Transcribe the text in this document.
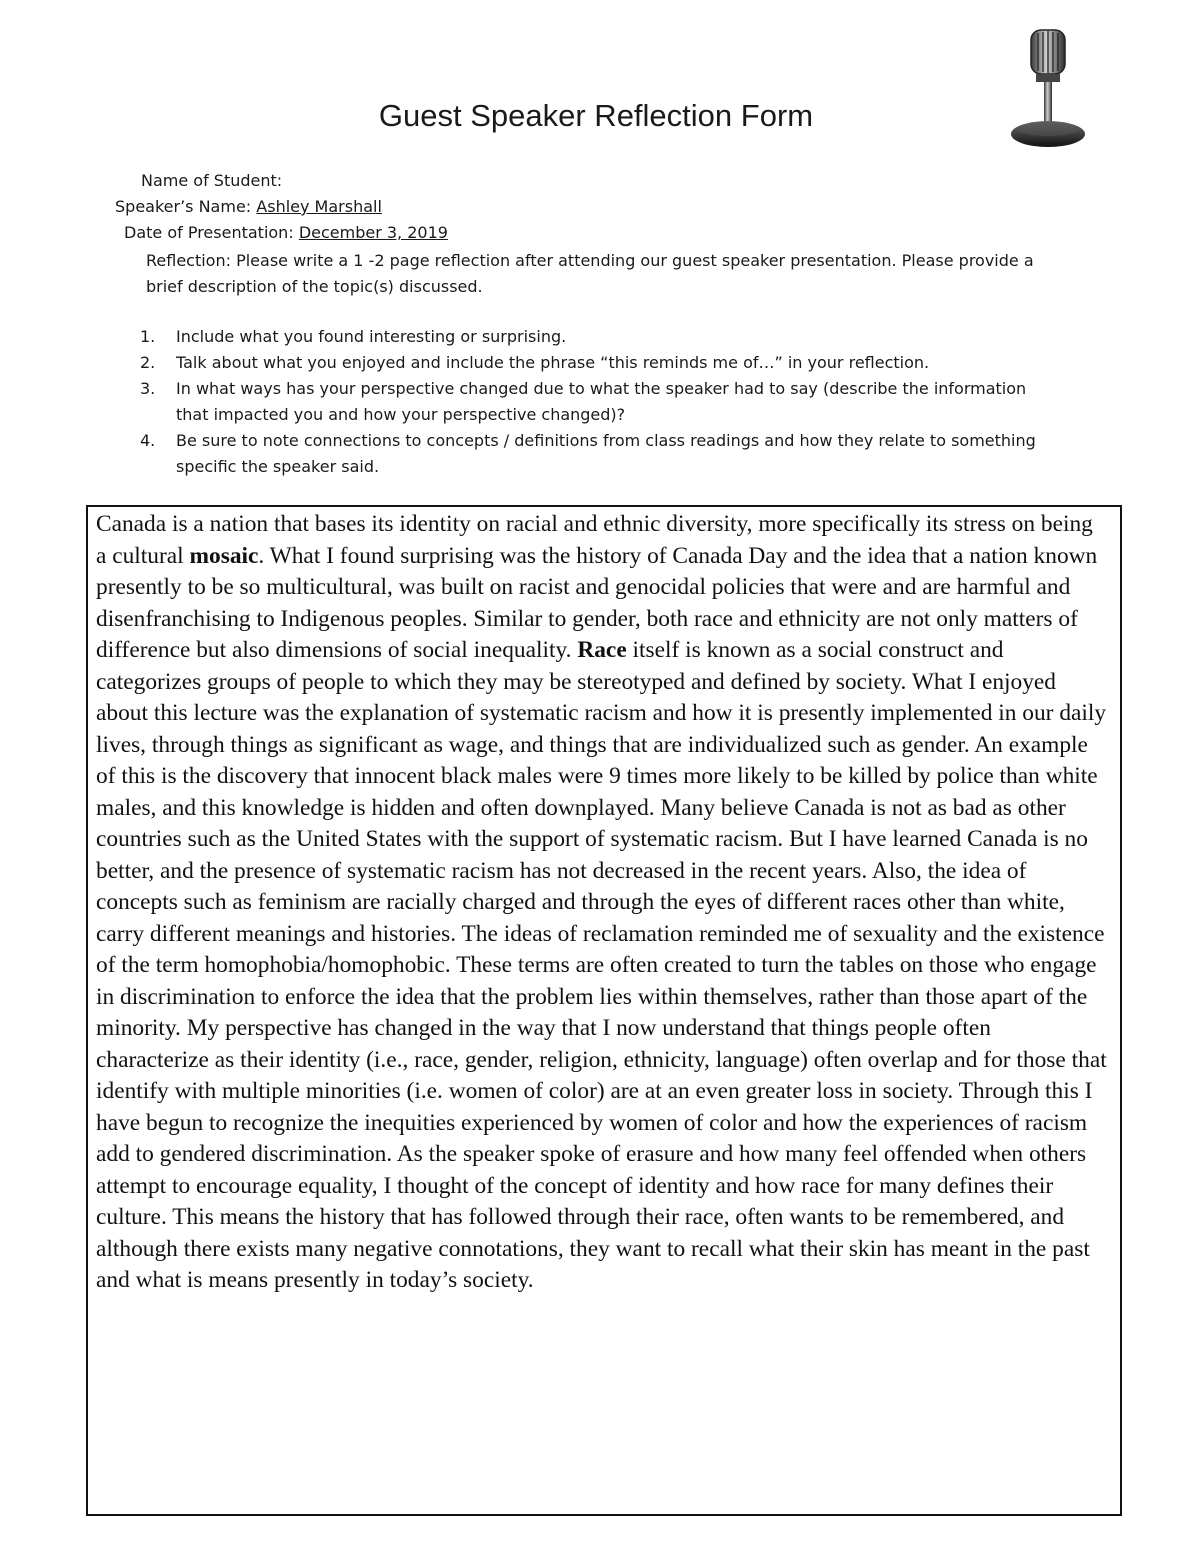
Guest Speaker Reflection Form
Name of Student:
Speaker’s Name: Ashley Marshall
Date of Presentation: December 3, 2019

Reflection: Please write a 1 -2 page reflection after attending our guest speaker presentation. Please provide a brief description of the topic(s) discussed.

1. Include what you found interesting or surprising.
2. Talk about what you enjoyed and include the phrase “this reminds me of…” in your reflection.
3. In what ways has your perspective changed due to what the speaker had to say (describe the information that impacted you and how your perspective changed)?
4. Be sure to note connections to concepts / definitions from class readings and how they relate to something specific the speaker said.

Canada is a nation that bases its identity on racial and ethnic diversity, more specifically its stress on being a cultural mosaic. What I found surprising was the history of Canada Day and the idea that a nation known presently to be so multicultural, was built on racist and genocidal policies that were and are harmful and disenfranchising to Indigenous peoples. Similar to gender, both race and ethnicity are not only matters of difference but also dimensions of social inequality. Race itself is known as a social construct and categorizes groups of people to which they may be stereotyped and defined by society. What I enjoyed about this lecture was the explanation of systematic racism and how it is presently implemented in our daily lives, through things as significant as wage, and things that are individualized such as gender. An example of this is the discovery that innocent black males were 9 times more likely to be killed by police than white males, and this knowledge is hidden and often downplayed. Many believe Canada is not as bad as other countries such as the United States with the support of systematic racism. But I have learned Canada is no better, and the presence of systematic racism has not decreased in the recent years. Also, the idea of concepts such as feminism are racially charged and through the eyes of different races other than white, carry different meanings and histories. The ideas of reclamation reminded me of sexuality and the existence of the term homophobia/homophobic. These terms are often created to turn the tables on those who engage in discrimination to enforce the idea that the problem lies within themselves, rather than those apart of the minority. My perspective has changed in the way that I now understand that things people often characterize as their identity (i.e., race, gender, religion, ethnicity, language) often overlap and for those that identify with multiple minorities (i.e. women of color) are at an even greater loss in society. Through this I have begun to recognize the inequities experienced by women of color and how the experiences of racism add to gendered discrimination. As the speaker spoke of erasure and how many feel offended when others attempt to encourage equality, I thought of the concept of identity and how race for many defines their culture. This means the history that has followed through their race, often wants to be remembered, and although there exists many negative connotations, they want to recall what their skin has meant in the past and what is means presently in today’s society.
